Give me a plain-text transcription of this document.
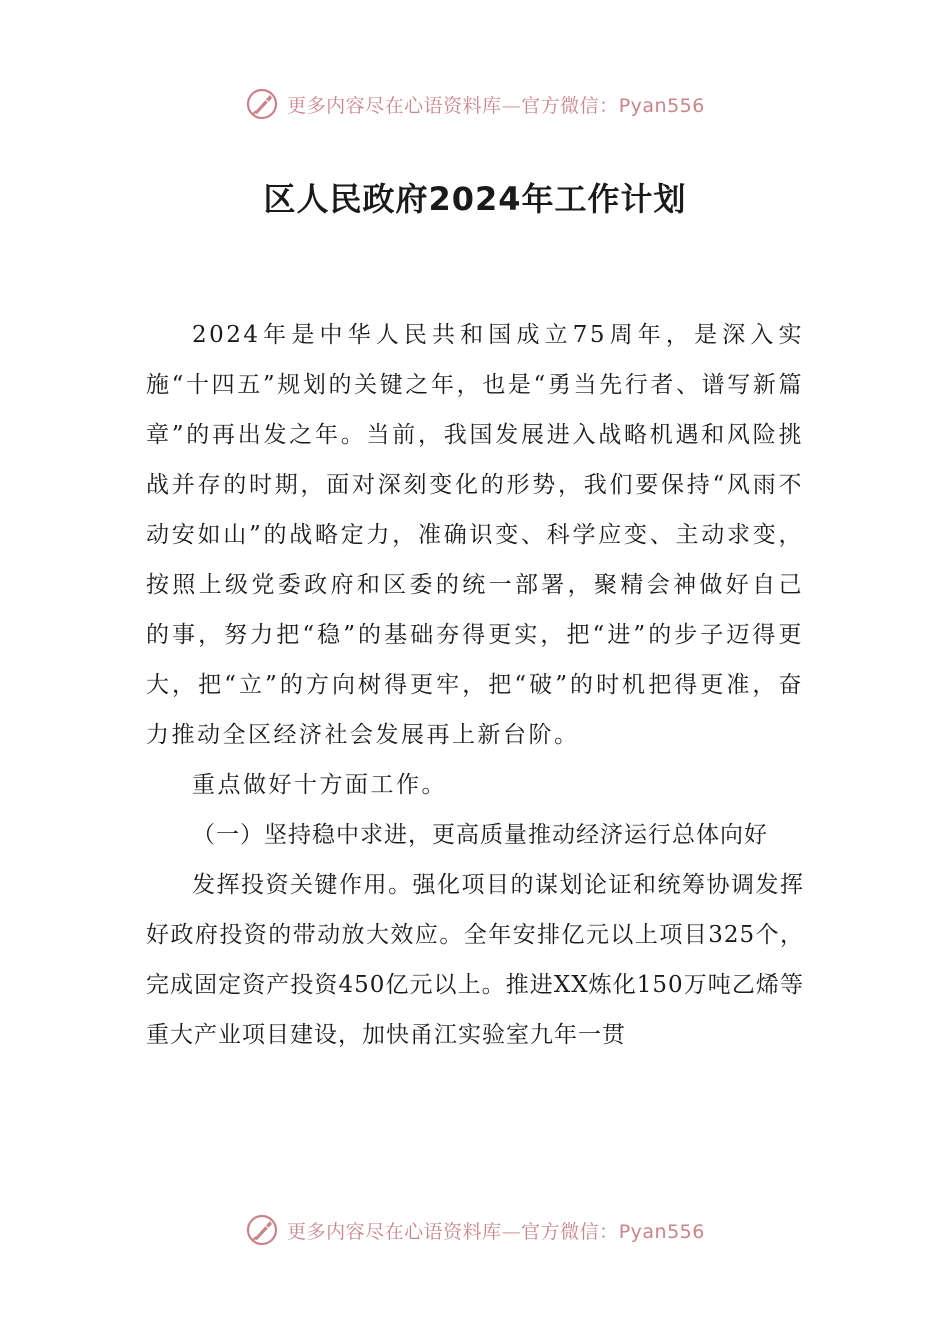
更多内容尽在心语资料库—官方微信：Pyan556
区人民政府2024年工作计划

2024年是中华人民共和国成立75周年，是深入实施“十四五”规划的关键之年，也是“勇当先行者、谱写新篇章”的再出发之年。当前，我国发展进入战略机遇和风险挑战并存的时期，面对深刻变化的形势，我们要保持“风雨不动安如山”的战略定力，准确识变、科学应变、主动求变，按照上级党委政府和区委的统一部署，聚精会神做好自己的事，努力把“稳”的基础夯得更实，把“进”的步子迈得更大，把“立”的方向树得更牢，把“破”的时机把得更准，奋力推动全区经济社会发展再上新台阶。

重点做好十方面工作。

（一）坚持稳中求进，更高质量推动经济运行总体向好

发挥投资关键作用。强化项目的谋划论证和统筹协调发挥好政府投资的带动放大效应。全年安排亿元以上项目325个，完成固定资产投资450亿元以上。推进XX炼化150万吨乙烯等重大产业项目建设，加快甬江实验室九年一贯

更多内容尽在心语资料库—官方微信：Pyan556
